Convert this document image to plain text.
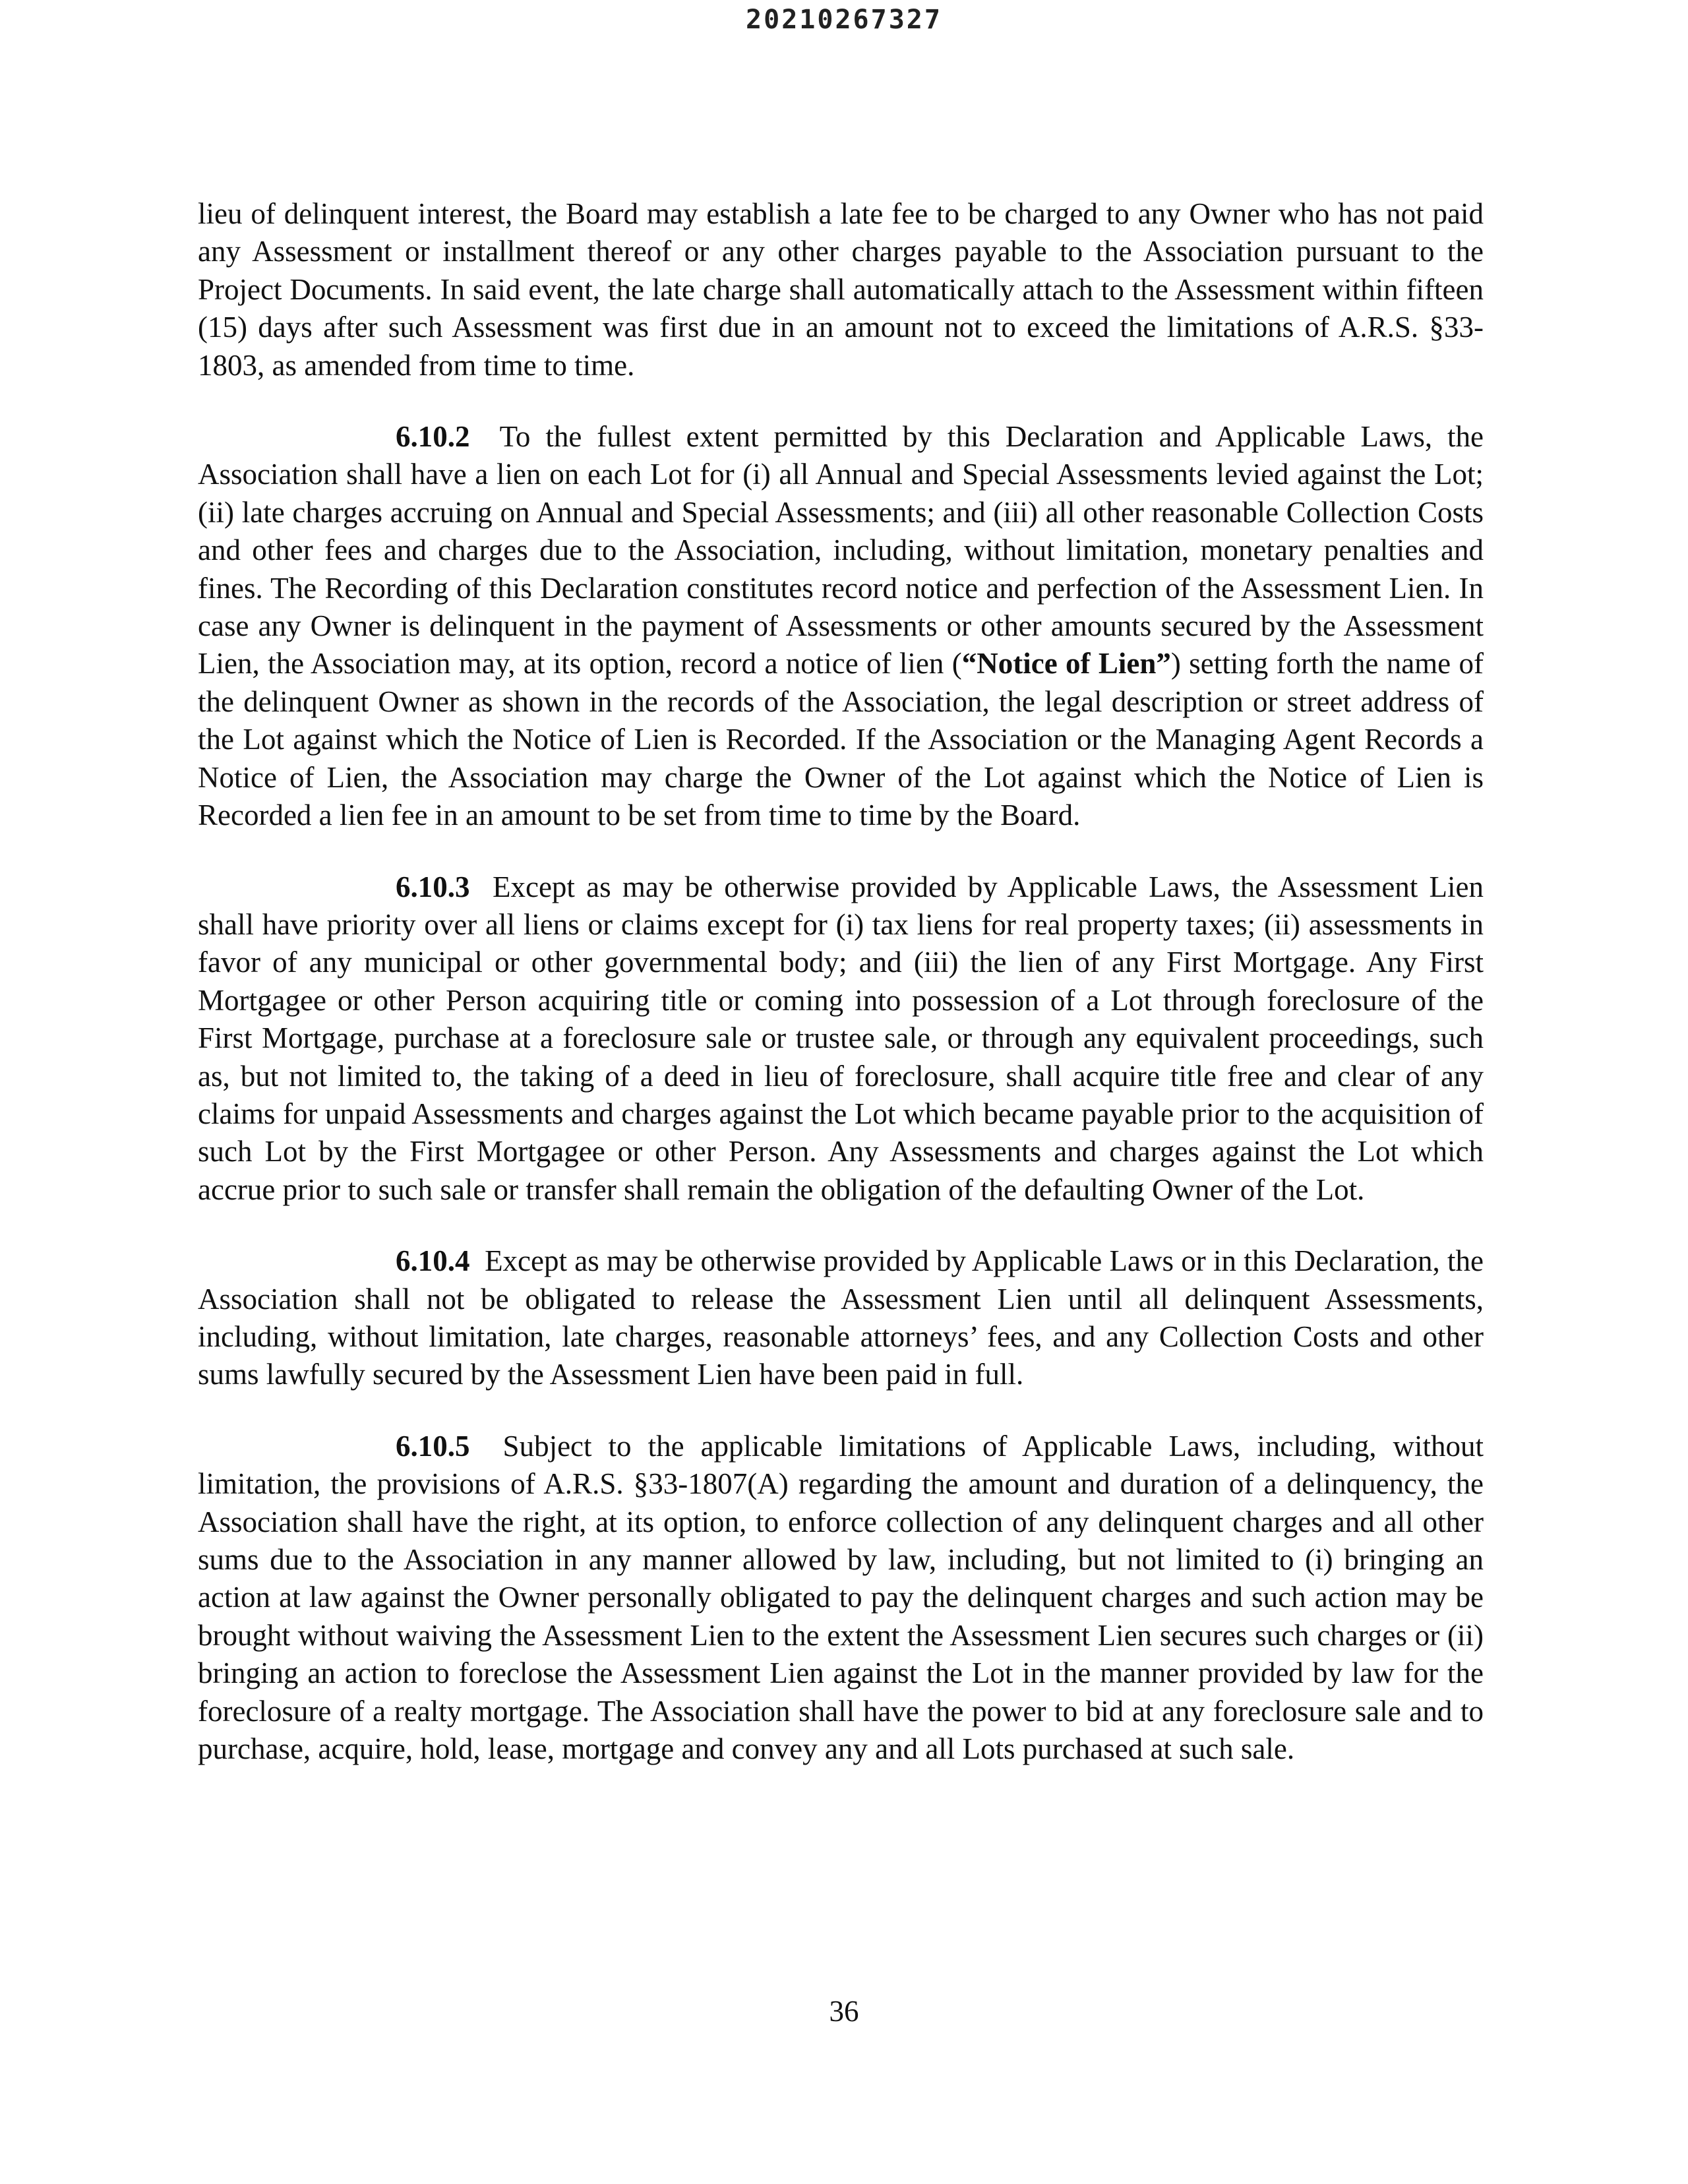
20210267327

lieu of delinquent interest, the Board may establish a late fee to be charged to any Owner who has not paid any Assessment or installment thereof or any other charges payable to the Association pursuant to the Project Documents. In said event, the late charge shall automatically attach to the Assessment within fifteen (15) days after such Assessment was first due in an amount not to exceed the limitations of A.R.S. §33-1803, as amended from time to time.

6.10.2 To the fullest extent permitted by this Declaration and Applicable Laws, the Association shall have a lien on each Lot for (i) all Annual and Special Assessments levied against the Lot; (ii) late charges accruing on Annual and Special Assessments; and (iii) all other reasonable Collection Costs and other fees and charges due to the Association, including, without limitation, monetary penalties and fines. The Recording of this Declaration constitutes record notice and perfection of the Assessment Lien. In case any Owner is delinquent in the payment of Assessments or other amounts secured by the Assessment Lien, the Association may, at its option, record a notice of lien (“Notice of Lien”) setting forth the name of the delinquent Owner as shown in the records of the Association, the legal description or street address of the Lot against which the Notice of Lien is Recorded. If the Association or the Managing Agent Records a Notice of Lien, the Association may charge the Owner of the Lot against which the Notice of Lien is Recorded a lien fee in an amount to be set from time to time by the Board.

6.10.3 Except as may be otherwise provided by Applicable Laws, the Assessment Lien shall have priority over all liens or claims except for (i) tax liens for real property taxes; (ii) assessments in favor of any municipal or other governmental body; and (iii) the lien of any First Mortgage. Any First Mortgagee or other Person acquiring title or coming into possession of a Lot through foreclosure of the First Mortgage, purchase at a foreclosure sale or trustee sale, or through any equivalent proceedings, such as, but not limited to, the taking of a deed in lieu of foreclosure, shall acquire title free and clear of any claims for unpaid Assessments and charges against the Lot which became payable prior to the acquisition of such Lot by the First Mortgagee or other Person. Any Assessments and charges against the Lot which accrue prior to such sale or transfer shall remain the obligation of the defaulting Owner of the Lot.

6.10.4 Except as may be otherwise provided by Applicable Laws or in this Declaration, the Association shall not be obligated to release the Assessment Lien until all delinquent Assessments, including, without limitation, late charges, reasonable attorneys’ fees, and any Collection Costs and other sums lawfully secured by the Assessment Lien have been paid in full.

6.10.5 Subject to the applicable limitations of Applicable Laws, including, without limitation, the provisions of A.R.S. §33-1807(A) regarding the amount and duration of a delinquency, the Association shall have the right, at its option, to enforce collection of any delinquent charges and all other sums due to the Association in any manner allowed by law, including, but not limited to (i) bringing an action at law against the Owner personally obligated to pay the delinquent charges and such action may be brought without waiving the Assessment Lien to the extent the Assessment Lien secures such charges or (ii) bringing an action to foreclose the Assessment Lien against the Lot in the manner provided by law for the foreclosure of a realty mortgage. The Association shall have the power to bid at any foreclosure sale and to purchase, acquire, hold, lease, mortgage and convey any and all Lots purchased at such sale.

36
